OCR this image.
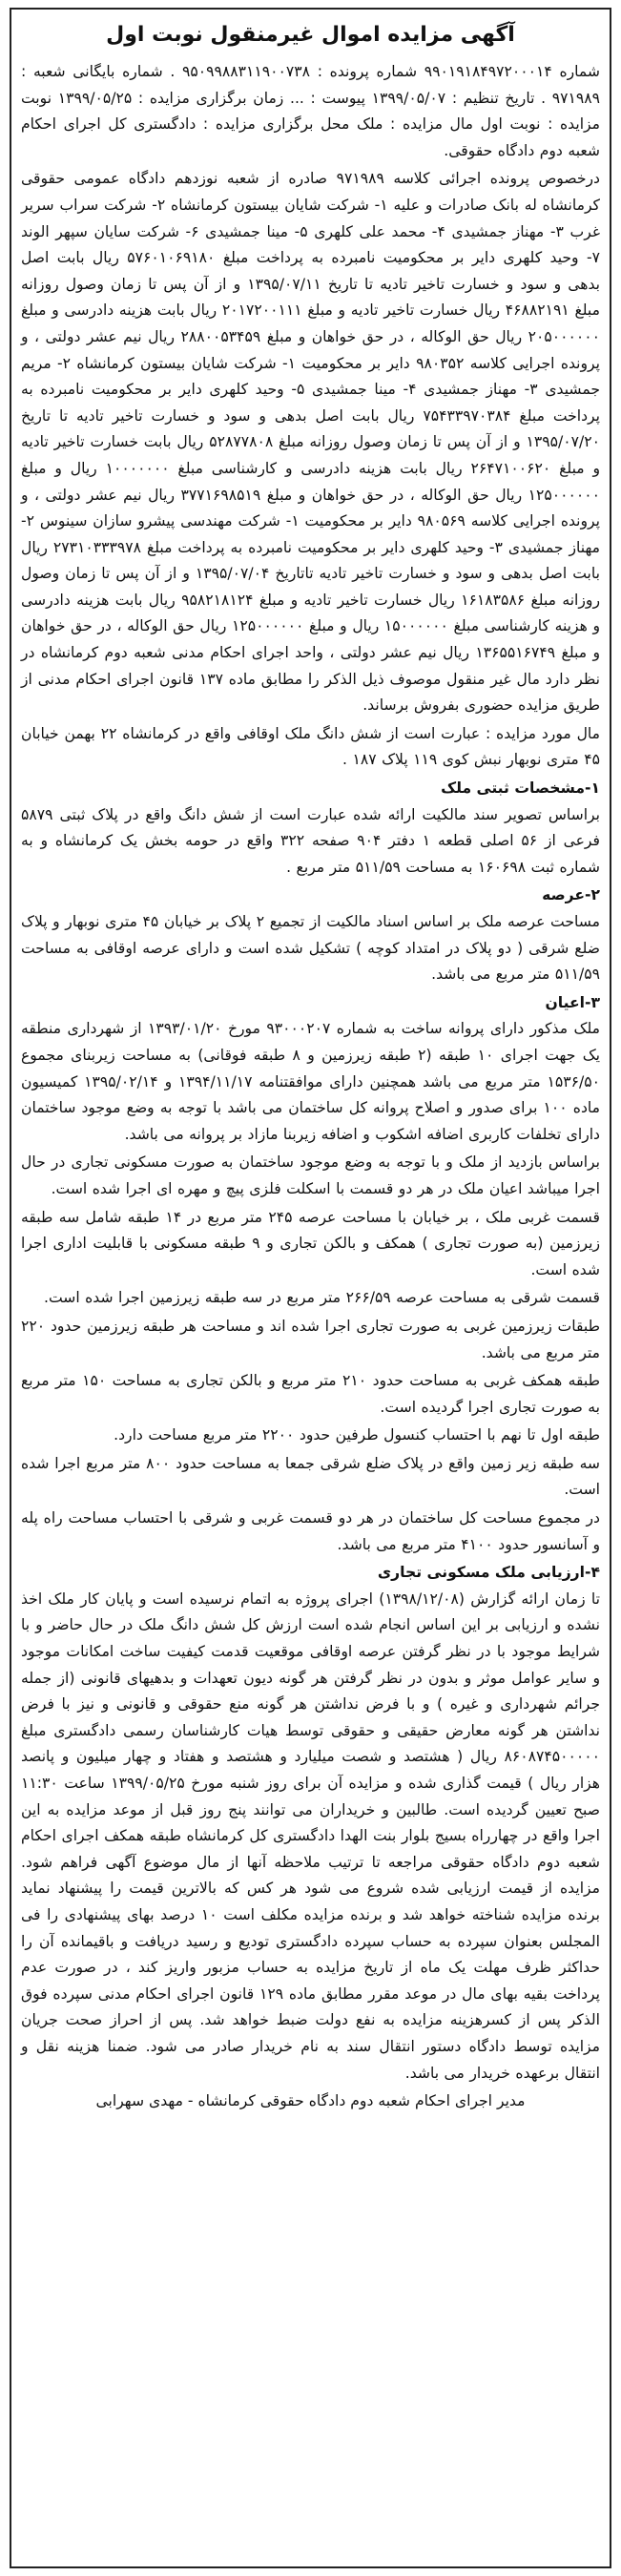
آگهی مزایده اموال غیرمنقول نوبت اول

شماره ۹۹۰۱۹۱۸۴۹۷۲۰۰۰۱۴ شماره پرونده : ۹۵۰۹۹۸۸۳۱۱۹۰۰۷۳۸ . شماره بایگانی شعبه : ۹۷۱۹۸۹ . تاریخ تنظیم : ۱۳۹۹/۰۵/۰۷ پیوست : ... زمان برگزاری مزایده : ۱۳۹۹/۰۵/۲۵ نوبت مزایده : نوبت اول مال مزایده : ملک محل برگزاری مزایده : دادگستری کل اجرای احکام شعبه دوم دادگاه حقوقی.

درخصوص پرونده اجرائی کلاسه ۹۷۱۹۸۹ صادره از شعبه نوزدهم دادگاه عمومی حقوقی کرمانشاه له بانک صادرات و علیه ۱- شرکت شایان بیستون کرمانشاه ۲- شرکت سراب سریر غرب ۳- مهناز جمشیدی ۴- محمد علی کلهری ۵- مینا جمشیدی ۶- شرکت سایان سپهر الوند ۷- وحید کلهری دایر بر محکومیت نامبرده به پرداخت مبلغ ۵۷۶۰۱۰۶۹۱۸۰ ریال بابت اصل بدهی و سود و خسارت تاخیر تادیه تا تاریخ ۱۳۹۵/۰۷/۱۱ و از آن پس تا زمان وصول روزانه مبلغ ۴۶۸۸۲۱۹۱ ریال خسارت تاخیر تادیه و مبلغ ۲۰۱۷۲۰۰۱۱۱ ریال بابت هزینه دادرسی و مبلغ ۲۰۵۰۰۰۰۰۰ ریال حق الوکاله ، در حق خواهان و مبلغ ۲۸۸۰۰۵۳۴۵۹ ریال نیم عشر دولتی ، و پرونده اجرایی کلاسه ۹۸۰۳۵۲ دایر بر محکومیت ۱- شرکت شایان بیستون کرمانشاه ۲- مریم جمشیدی ۳- مهناز جمشیدی ۴- مینا جمشیدی ۵- وحید کلهری دایر بر محکومیت نامبرده به پرداخت مبلغ ۷۵۴۳۳۹۷۰۳۸۴ ریال بابت اصل بدهی و سود و خسارت تاخیر تادیه تا تاریخ ۱۳۹۵/۰۷/۲۰ و از آن پس تا زمان وصول روزانه مبلغ ۵۲۸۷۷۸۰۸ ریال بابت خسارت تاخیر تادیه و مبلغ ۲۶۴۷۱۰۰۶۲۰ ریال بابت هزینه دادرسی و کارشناسی مبلغ ۱۰۰۰۰۰۰۰ ریال و مبلغ ۱۲۵۰۰۰۰۰۰ ریال حق الوکاله ، در حق خواهان و مبلغ ۳۷۷۱۶۹۸۵۱۹ ریال نیم عشر دولتی ، و پرونده اجرایی کلاسه ۹۸۰۵۶۹ دایر بر محکومیت ۱- شرکت مهندسی پیشرو سازان سینوس ۲- مهناز جمشیدی ۳- وحید کلهری دایر بر محکومیت نامبرده به پرداخت مبلغ ۲۷۳۱۰۳۳۳۹۷۸ ریال بابت اصل بدهی و سود و خسارت تاخیر تادیه تاتاریخ ۱۳۹۵/۰۷/۰۴ و از آن پس تا زمان وصول روزانه مبلغ ۱۶۱۸۳۵۸۶ ریال خسارت تاخیر تادیه و مبلغ ۹۵۸۲۱۸۱۲۴ ریال بابت هزینه دادرسی و هزینه کارشناسی مبلغ ۱۵۰۰۰۰۰۰ ریال و مبلغ ۱۲۵۰۰۰۰۰۰ ریال حق الوکاله ، در حق خواهان و مبلغ ۱۳۶۵۵۱۶۷۴۹ ریال نیم عشر دولتی ، واحد اجرای احکام مدنی شعبه دوم کرمانشاه در نظر دارد مال غیر منقول موصوف ذیل الذکر را مطابق ماده ۱۳۷ قانون اجرای احکام مدنی از طریق مزایده حضوری بفروش برساند.

مال مورد مزایده : عبارت است از شش دانگ ملک اوقافی واقع در کرمانشاه ۲۲ بهمن خیابان ۴۵ متری نوبهار نبش کوی ۱۱۹ پلاک ۱۸۷ .

۱-مشخصات ثبتی ملک

براساس تصویر سند مالکیت ارائه شده عبارت است از شش دانگ واقع در پلاک ثبتی ۵۸۷۹ فرعی از ۵۶ اصلی قطعه ۱ دفتر ۹۰۴ صفحه ۳۲۲ واقع در حومه بخش یک کرمانشاه و به شماره ثبت ۱۶۰۶۹۸ به مساحت ۵۱۱/۵۹ متر مربع .

۲-عرصه

مساحت عرصه ملک بر اساس اسناد مالکیت از تجمیع ۲ پلاک بر خیابان ۴۵ متری نوبهار و پلاک ضلع شرقی ( دو پلاک در امتداد کوچه ) تشکیل شده است و دارای عرصه اوقافی به مساحت ۵۱۱/۵۹ متر مربع می باشد.

۳-اعیان

ملک مذکور دارای پروانه ساخت به شماره ۹۳۰۰۰۲۰۷ مورخ ۱۳۹۳/۰۱/۲۰ از شهرداری منطقه یک جهت اجرای ۱۰ طبقه (۲ طبقه زیرزمین و ۸ طبقه فوقانی) به مساحت زیربنای مجموع ۱۵۳۶/۵۰ متر مربع می باشد همچنین دارای موافقتنامه ۱۳۹۴/۱۱/۱۷ و ۱۳۹۵/۰۲/۱۴ کمیسیون ماده ۱۰۰ برای صدور و اصلاح پروانه کل ساختمان می باشد با توجه به وضع موجود ساختمان دارای تخلفات کاربری اضافه اشکوب و اضافه زیربنا مازاد بر پروانه می باشد.

براساس بازدید از ملک و با توجه به وضع موجود ساختمان به صورت مسکونی تجاری در حال اجرا میباشد اعیان ملک در هر دو قسمت با اسکلت فلزی پیچ و مهره ای اجرا شده است.

قسمت غربی ملک ، بر خیابان با مساحت عرصه ۲۴۵ متر مربع در ۱۴ طبقه شامل سه طبقه زیرزمین (به صورت تجاری ) همکف و بالکن تجاری و ۹ طبقه مسکونی با قابلیت اداری اجرا شده است.

قسمت شرقی به مساحت عرصه ۲۶۶/۵۹ متر مربع در سه طبقه زیرزمین اجرا شده است.

طبقات زیرزمین غربی به صورت تجاری اجرا شده اند و مساحت هر طبقه زیرزمین حدود ۲۲۰ متر مربع می باشد.

طبقه همکف غربی به مساحت حدود ۲۱۰ متر مربع و بالکن تجاری به مساحت ۱۵۰ متر مربع به صورت تجاری اجرا گردیده است.

طبقه اول تا نهم با احتساب کنسول طرفین حدود ۲۲۰۰ متر مربع مساحت دارد.

سه طبقه زیر زمین واقع در پلاک ضلع شرقی جمعا به مساحت حدود ۸۰۰ متر مربع اجرا شده است.

در مجموع مساحت کل ساختمان در هر دو قسمت غربی و شرقی با احتساب مساحت راه پله و آسانسور حدود ۴۱۰۰ متر مربع می باشد.

۴-ارزیابی ملک مسکونی تجاری

تا زمان ارائه گزارش (۱۳۹۸/۱۲/۰۸) اجرای پروژه به اتمام نرسیده است و پایان کار ملک اخذ نشده و ارزیابی بر این اساس انجام شده است ارزش کل شش دانگ ملک در حال حاضر و با شرایط موجود با در نظر گرفتن عرصه اوقافی موقعیت قدمت کیفیت ساخت امکانات موجود و سایر عوامل موثر و بدون در نظر گرفتن هر گونه دیون تعهدات و بدهیهای قانونی (از جمله جرائم شهرداری و غیره ) و با فرض نداشتن هر گونه منع حقوقی و قانونی و نیز با فرض نداشتن هر گونه معارض حقیقی و حقوقی توسط هیات کارشناسان رسمی دادگستری مبلغ ۸۶۰۸۷۴۵۰۰۰۰۰ ریال ( هشتصد و شصت میلیارد و هشتصد و هفتاد و چهار میلیون و پانصد هزار ریال ) قیمت گذاری شده و مزایده آن برای روز شنبه مورخ ۱۳۹۹/۰۵/۲۵ ساعت ۱۱:۳۰ صبح تعیین گردیده است. طالبین و خریداران می توانند پنج روز قبل از موعد مزایده به این اجرا واقع در چهارراه بسیج بلوار بنت الهدا دادگستری کل کرمانشاه طبقه همکف اجرای احکام شعبه دوم دادگاه حقوقی مراجعه تا ترتیب ملاحظه آنها از مال موضوع آگهی فراهم شود. مزایده از قیمت ارزیابی شده شروع می شود هر کس که بالاترین قیمت را پیشنهاد نماید برنده مزایده شناخته خواهد شد و برنده مزایده مکلف است ۱۰ درصد بهای پیشنهادی را فی المجلس بعنوان سپرده به حساب سپرده دادگستری تودیع و رسید دریافت و باقیمانده آن را حداکثر ظرف مهلت یک ماه از تاریخ مزایده به حساب مزبور واریز کند ، در صورت عدم پرداخت بقیه بهای مال در موعد مقرر مطابق ماده ۱۲۹ قانون اجرای احکام مدنی سپرده فوق الذکر پس از کسرهزینه مزایده به نفع دولت ضبط خواهد شد. پس از احراز صحت جریان مزایده توسط دادگاه دستور انتقال سند به نام خریدار صادر می شود. ضمنا هزینه نقل و انتقال برعهده خریدار می باشد.

مدیر اجرای احکام شعبه دوم دادگاه حقوقی کرمانشاه - مهدی سهرابی
